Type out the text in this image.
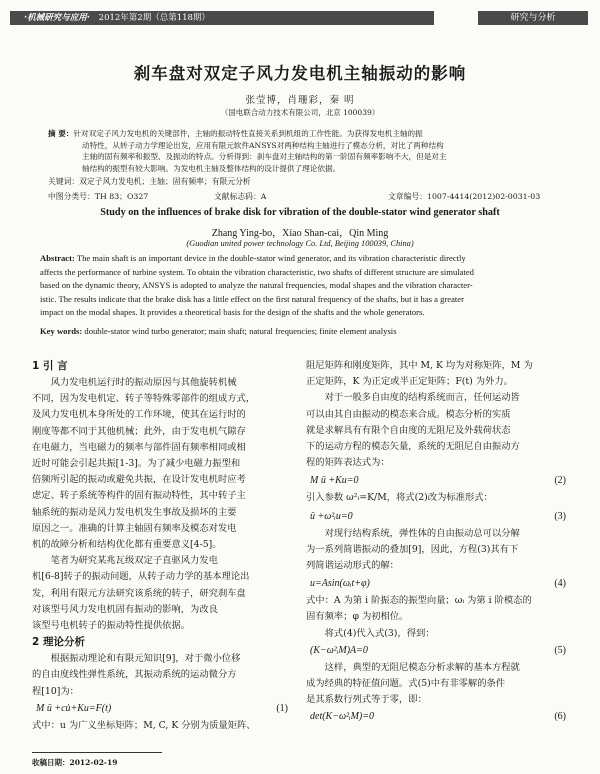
·机械研究与应用· 2012年第2期（总第118期）	研究与分析
刹车盘对双定子风力发电机主轴振动的影响
张莹博，肖珊彩，秦 明
（国电联合动力技术有限公司，北京 100039）
摘 要：针对双定子风力发电机的关键部件，主轴的振动特性直接关系到机组的工作性能。为获得发电机主轴的振
动特性，从转子动力学理论出发，应用有限元软件ANSYS对两种结构主轴进行了模态分析，对比了两种结构
主轴的固有频率和振型、及振动的特点。分析得到：刹车盘对主轴结构的第一阶固有频率影响不大，但是对主
轴结构的振型有较大影响。为发电机主轴及整体结构的设计提供了理论依据。
关键词：双定子风力发电机；主轴；固有频率；有限元分析
中图分类号：TH 83；O327	文献标志码：A	文章编号：1007-4414(2012)02-0031-03
Study on the influences of brake disk for vibration of the double-stator wind generator shaft
Zhang Ying-bo，Xiao Shan-cai，Qin Ming
(Guodian united power technology Co. Ltd, Beijing 100039, China)
Abstract: The main shaft is an important device in the double-stator wind generator, and its vibration characteristic directly
affects the performance of turbine system. To obtain the vibration characteristic, two shafts of different structure are simulated
based on the dynamic theory, ANSYS is adopted to analyze the natural frequencies, modal shapes and the vibration character-
istic. The results indicate that the brake disk has a little effect on the first natural frequency of the shafts, but it has a greater
impact on the modal shapes. It provides a theoretical basis for the design of the shafts and the whole generators.
Key words: double-stator wind turbo generator; main shaft; natural frequencies; finite element analysis
1 引 言
　　风力发电机运行时的振动原因与其他旋转机械
不同，因为发电机定、转子等特殊零部件的组成方式，
及风力发电机本身所处的工作环境，使其在运行时的
刚度等都不同于其他机械；此外，由于发电机气隙存
在电磁力，当电磁力的频率与部件固有频率相同或相
近时可能会引起共振[1-3]。为了减少电磁力振型和
倍频所引起的振动或避免共振，在设计发电机时应考
虑定、转子系统等构件的固有振动特性，其中转子主
轴系统的振动是风力发电机发生事故及损坏的主要
原因之一。准确的计算主轴固有频率及模态对发电
机的故障分析和结构优化都有重要意义[4-5]。
　　笔者为研究某兆瓦级双定子直驱风力发电
机[6-8]转子的振动问题，从转子动力学的基本理论出
发，利用有限元方法研究该系统的转子，研究刹车盘
对该型号风力发电机固有振动的影响，为改良
该型号电机转子的振动特性提供依据。
2 理论分析
　　根据振动理论和有限元知识[9]，对于微小位移
的自由度线性弹性系统，其振动系统的运动微分方
程[10]为：
M ü +cu̇+Ku=F(t)	(1)
式中：u 为广义坐标矩阵；M, C, K 分别为质量矩阵、
阻尼矩阵和刚度矩阵，其中 M, K 均为对称矩阵，M 为
正定矩阵，K 为正定或半正定矩阵；F(t) 为外力。
　　对于一般多自由度的结构系统而言，任何运动皆
可以由其自由振动的模态来合成。模态分析的实质
就是求解具有有限个自由度的无阻尼及外载荷状态
下的运动方程的模态矢量，系统的无阻尼自由振动方
程的矩阵表达式为：
M ü +Ku=0	(2)
引入参数 ω²ᵢ=K/M，将式(2)改为标准形式：
ü +ω²ᵢu=0	(3)
　　对现行结构系统，弹性体的自由振动总可以分解
为一系列简谐振动的叠加[9]，因此，方程(3)其有下
列简谐运动形式的解：
u=Asin(ωᵢt+φ)	(4)
式中：A 为第 i 阶振态的振型向量；ωᵢ 为第 i 阶模态的
固有频率；φ 为初相位。
　　将式(4)代入式(3)，得到：
(K−ω²ᵢM)A=0	(5)
　　这样，典型的无阻尼模态分析求解的基本方程就
成为经典的特征值问题。式(5)中有非零解的条件
是其系数行列式等于零，即：
det(K−ω²ᵢM)=0	(6)
收稿日期：2012-02-19
